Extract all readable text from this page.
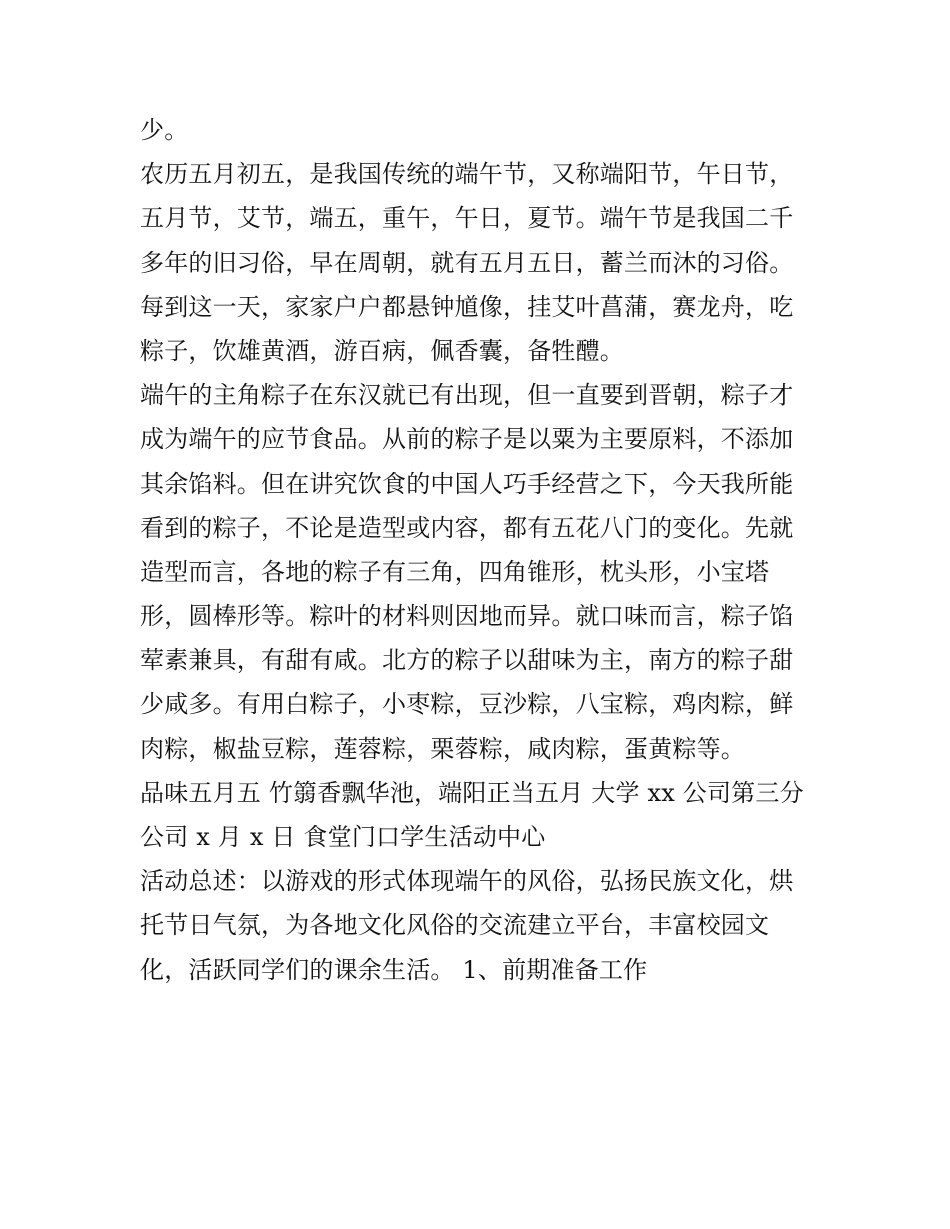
少。
农历五月初五，是我国传统的端午节，又称端阳节，午日节，
五月节，艾节，端五，重午，午日，夏节。端午节是我国二千
多年的旧习俗，早在周朝，就有五月五日，蓄兰而沐的习俗。
每到这一天，家家户户都悬钟馗像，挂艾叶菖蒲，赛龙舟，吃
粽子，饮雄黄酒，游百病，佩香囊，备牲醴。
端午的主角粽子在东汉就已有出现，但一直要到晋朝，粽子才
成为端午的应节食品。从前的粽子是以粟为主要原料，不添加
其余馅料。但在讲究饮食的中国人巧手经营之下，今天我所能
看到的粽子，不论是造型或内容，都有五花八门的变化。先就
造型而言，各地的粽子有三角，四角锥形，枕头形，小宝塔
形，圆棒形等。粽叶的材料则因地而异。就口味而言，粽子馅
荤素兼具，有甜有咸。北方的粽子以甜味为主，南方的粽子甜
少咸多。有用白粽子，小枣粽，豆沙粽，八宝粽，鸡肉粽，鲜
肉粽，椒盐豆粽，莲蓉粽，栗蓉粽，咸肉粽，蛋黄粽等。
品味五月五 竹篛香飘华池，端阳正当五月 大学 xx 公司第三分
公司 x 月 x 日 食堂门口学生活动中心
活动总述：以游戏的形式体现端午的风俗，弘扬民族文化，烘
托节日气氛，为各地文化风俗的交流建立平台，丰富校园文
化，活跃同学们的课余生活。 1、前期准备工作
